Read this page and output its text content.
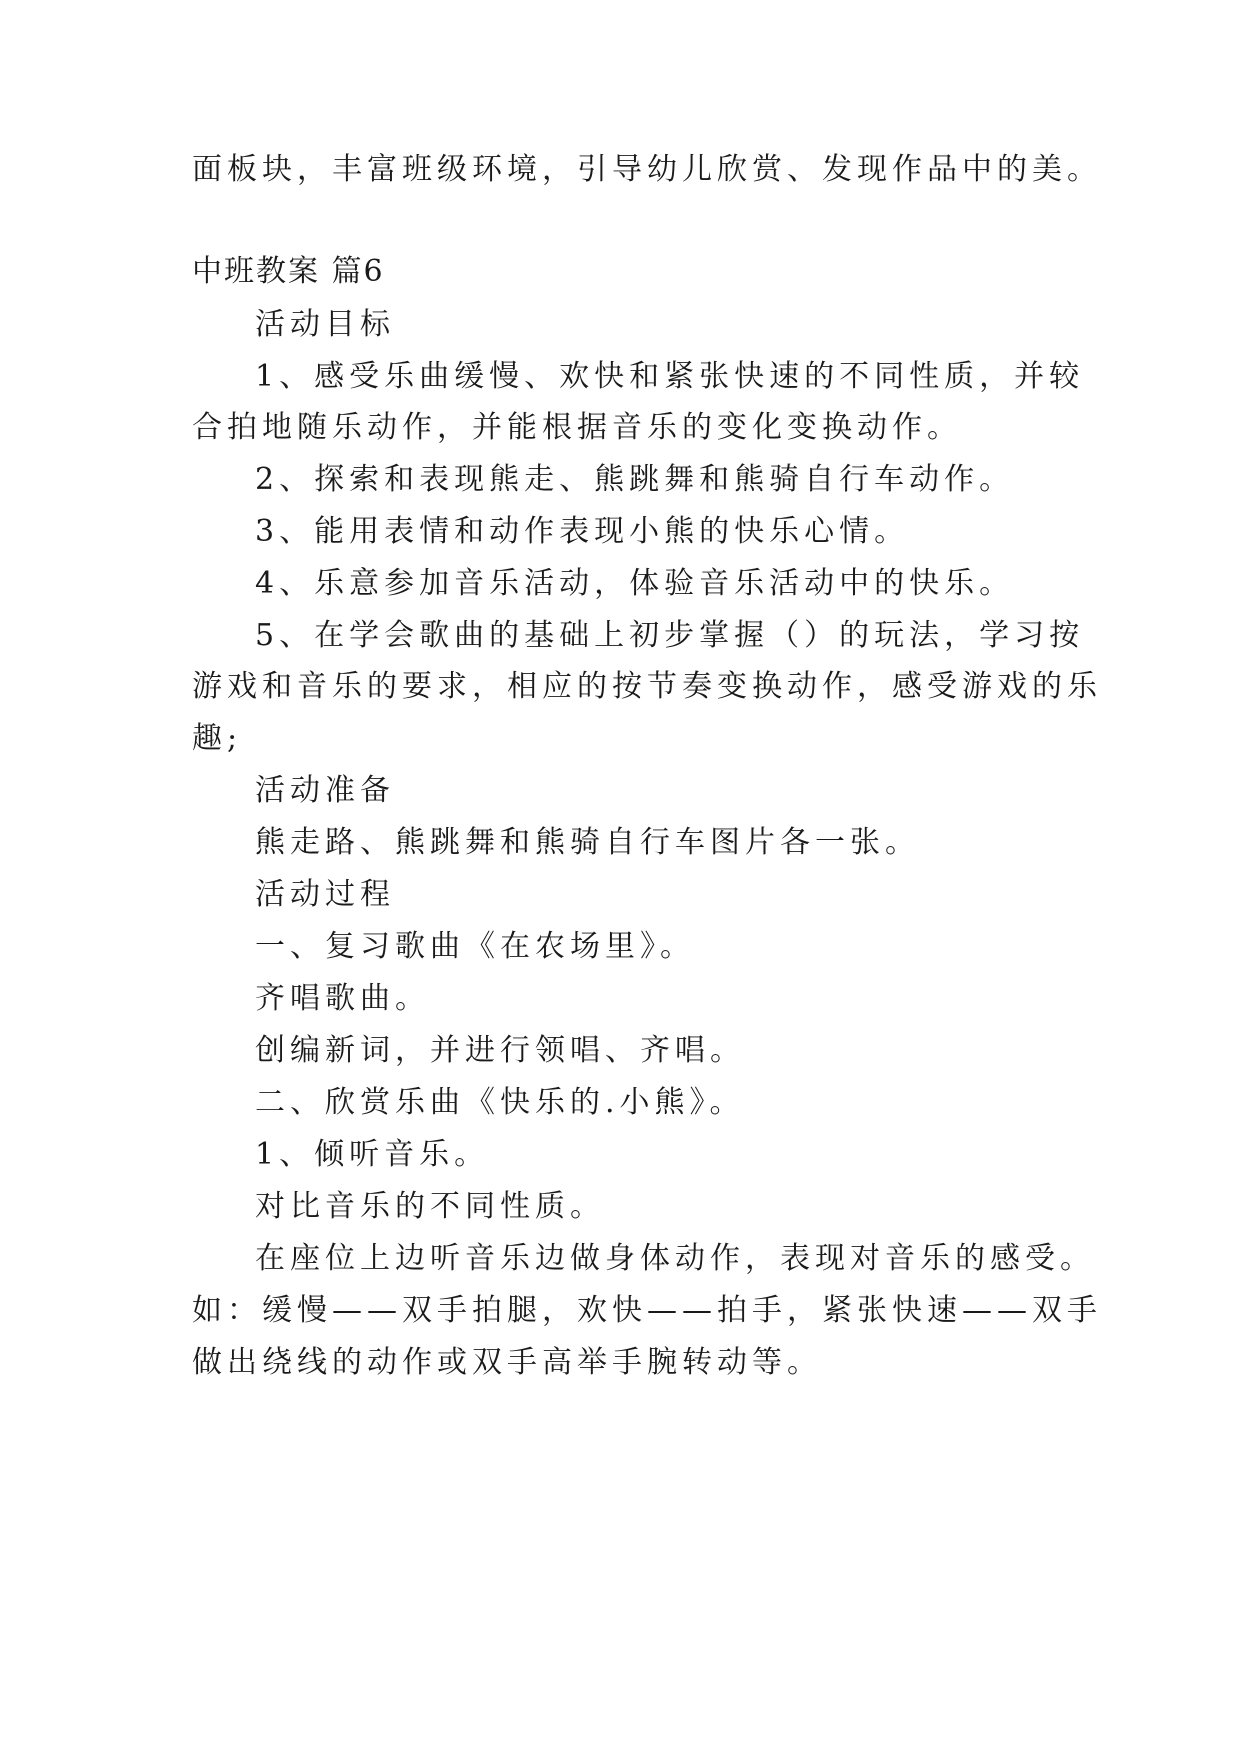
面板块，丰富班级环境，引导幼儿欣赏、发现作品中的美。
中班教案 篇6
活动目标
1、感受乐曲缓慢、欢快和紧张快速的不同性质，并较
合拍地随乐动作，并能根据音乐的变化变换动作。
2、探索和表现熊走、熊跳舞和熊骑自行车动作。
3、能用表情和动作表现小熊的快乐心情。
4、乐意参加音乐活动，体验音乐活动中的快乐。
5、在学会歌曲的基础上初步掌握（）的玩法，学习按
游戏和音乐的要求，相应的按节奏变换动作，感受游戏的乐
趣;
活动准备
熊走路、熊跳舞和熊骑自行车图片各一张。
活动过程
一、复习歌曲《在农场里》。
齐唱歌曲。
创编新词，并进行领唱、齐唱。
二、欣赏乐曲《快乐的.小熊》。
1、倾听音乐。
对比音乐的不同性质。
在座位上边听音乐边做身体动作，表现对音乐的感受。
如：缓慢——双手拍腿，欢快——拍手，紧张快速——双手
做出绕线的动作或双手高举手腕转动等。
